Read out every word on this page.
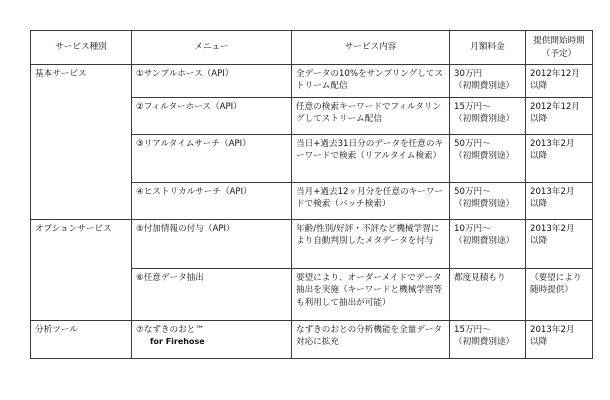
サービス種別	メニュー	サービス内容	月額料金	提供開始時期
（予定）

基本サービス	①サンプルホース（API）	全データの10%をサンプリングしてストリーム配信	30万円
（初期費別途）	2012年12月
以降

	②フィルターホース（API）	任意の検索キーワードでフィルタリングしてストリーム配信	15万円〜
（初期費別途）	2012年12月
以降

	③リアルタイムサーチ（API）	当日+過去31日分のデータを任意のキーワードで検索（リアルタイム検索）	50万円〜
（初期費別途）	2013年2月
以降

	④ヒストリカルサーチ（API）	当月+過去12ヶ月分を任意のキーワードで検索（バッチ検索）	50万円〜
（初期費別途）	2013年2月
以降

オプションサービス	⑤付加情報の付与（API）	年齢/性別/好評・不評など機械学習により自動判別したメタデータを付与	10万円〜
（初期費別途）	2013年2月
以降

	⑥任意データ抽出	要望により、オーダーメイドでデータ抽出を実施（キーワードと機械学習等も利用して抽出が可能）	都度見積もり	（要望により
随時提供）

分析ツール	⑦なずきのおと™
for Firehose	なずきのおとの分析機能を全量データ対応に拡充	15万円〜
（初期費別途）	2013年2月
以降
